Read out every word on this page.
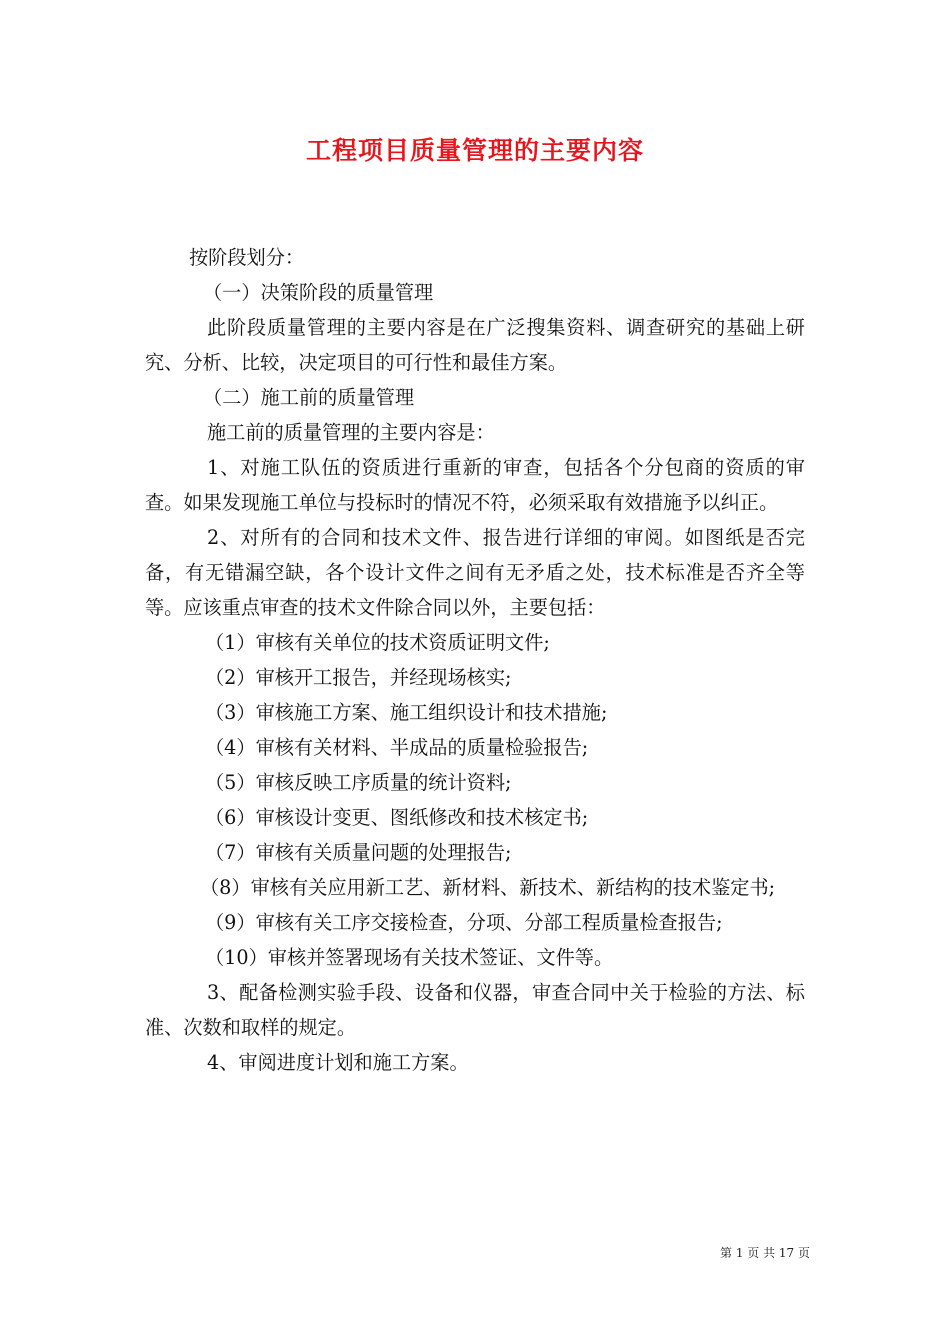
工程项目质量管理的主要内容

按阶段划分：

（一）决策阶段的质量管理

此阶段质量管理的主要内容是在广泛搜集资料、调查研究的基础上研究、分析、比较，决定项目的可行性和最佳方案。

（二）施工前的质量管理

施工前的质量管理的主要内容是：

1、对施工队伍的资质进行重新的审查，包括各个分包商的资质的审查。如果发现施工单位与投标时的情况不符，必须采取有效措施予以纠正。

2、对所有的合同和技术文件、报告进行详细的审阅。如图纸是否完备，有无错漏空缺，各个设计文件之间有无矛盾之处，技术标准是否齐全等等。应该重点审查的技术文件除合同以外，主要包括：

（1）审核有关单位的技术资质证明文件;

（2）审核开工报告，并经现场核实;

（3）审核施工方案、施工组织设计和技术措施;

（4）审核有关材料、半成品的质量检验报告;

（5）审核反映工序质量的统计资料;

（6）审核设计变更、图纸修改和技术核定书;

（7）审核有关质量问题的处理报告;

（8）审核有关应用新工艺、新材料、新技术、新结构的技术鉴定书;

（9）审核有关工序交接检查，分项、分部工程质量检查报告;

（10）审核并签署现场有关技术签证、文件等。

3、配备检测实验手段、设备和仪器，审查合同中关于检验的方法、标准、次数和取样的规定。

4、审阅进度计划和施工方案。

第 1 页 共 17 页
